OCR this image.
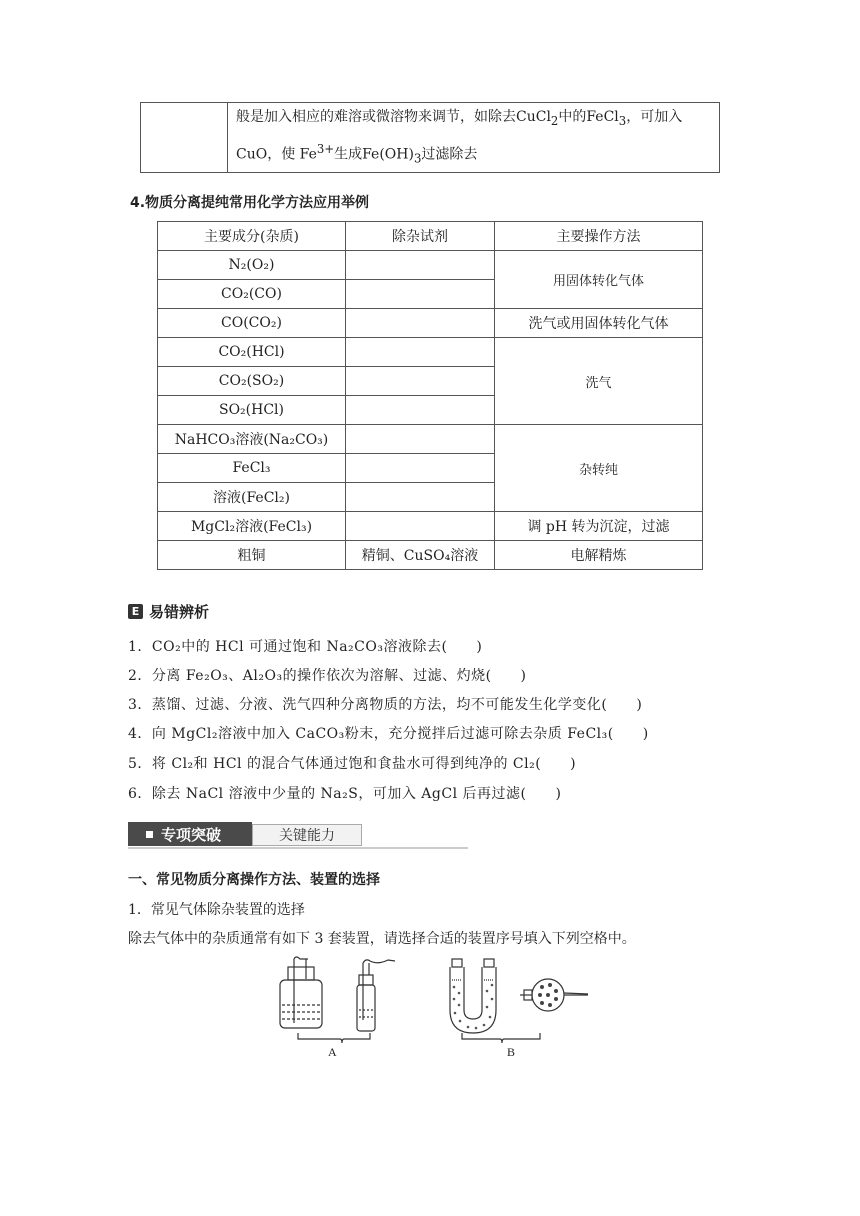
	般是加入相应的难溶或微溶物来调节，如除去CuCl$_2$中的FeCl$_3$，可加入
CuO，使 $Fe^{3+}$生成$Fe(OH)_3$过滤除去
4.物质分离提纯常用化学方法应用举例
主要成分(杂质)	除杂试剂	主要操作方法
N₂(O₂)		用固体转化气体
CO₂(CO)		
CO(CO₂)		洗气或用固体转化气体
CO₂(HCl)		洗气
CO₂(SO₂)		
SO₂(HCl)		
NaHCO₃溶液(Na₂CO₃)		杂转纯
FeCl₃		
溶液(FeCl₂)		
MgCl₂溶液(FeCl₃)		调 pH 转为沉淀，过滤
粗铜	精铜、CuSO₄溶液	电解精炼
E 易错辨析
1．CO₂中的 HCl 可通过饱和 Na₂CO₃溶液除去(　　)
2．分离 Fe₂O₃、Al₂O₃的操作依次为溶解、过滤、灼烧(　　)
3．蒸馏、过滤、分液、洗气四种分离物质的方法，均不可能发生化学变化(　　)
4．向 MgCl₂溶液中加入 CaCO₃粉末，充分搅拌后过滤可除去杂质 FeCl₃(　　)
5．将 Cl₂和 HCl 的混合气体通过饱和食盐水可得到纯净的 Cl₂(　　)
6．除去 NaCl 溶液中少量的 Na₂S，可加入 AgCl 后再过滤(　　)
专项突破	关键能力
一、常见物质分离操作方法、装置的选择
1．常见气体除杂装置的选择
除去气体中的杂质通常有如下 3 套装置，请选择合适的装置序号填入下列空格中。
A	B
